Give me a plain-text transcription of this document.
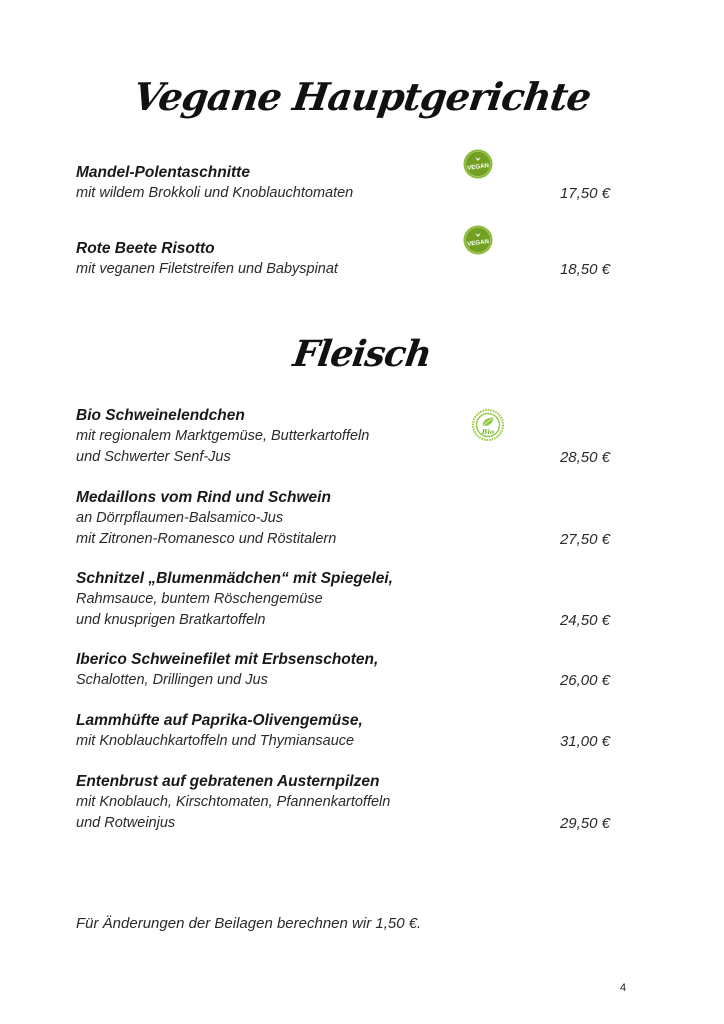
Vegane Hauptgerichte
Mandel-Polentaschnitte
mit wildem Brokkoli und Knoblauchtomaten	17,50 €
VEGAN
Rote Beete Risotto
mit veganen Filetstreifen und Babyspinat	18,50 €
VEGAN
Fleisch
Bio Schweinelendchen
mit regionalem Marktgemüse, Butterkartoffeln
und Schwerter Senf-Jus	28,50 €
Bio
Medaillons vom Rind und Schwein
an Dörrpflaumen-Balsamico-Jus
mit Zitronen-Romanesco und Röstitalern	27,50 €
Schnitzel „Blumenmädchen“ mit Spiegelei,
Rahmsauce, buntem Röschengemüse
und knusprigen Bratkartoffeln	24,50 €
Iberico Schweinefilet mit Erbsenschoten,
Schalotten, Drillingen und Jus	26,00 €
Lammhüfte auf Paprika-Olivengemüse,
mit Knoblauchkartoffeln und Thymiansauce	31,00 €
Entenbrust auf gebratenen Austernpilzen
mit Knoblauch, Kirschtomaten, Pfannenkartoffeln
und Rotweinjus	29,50 €
Für Änderungen der Beilagen berechnen wir 1,50 €.
4
